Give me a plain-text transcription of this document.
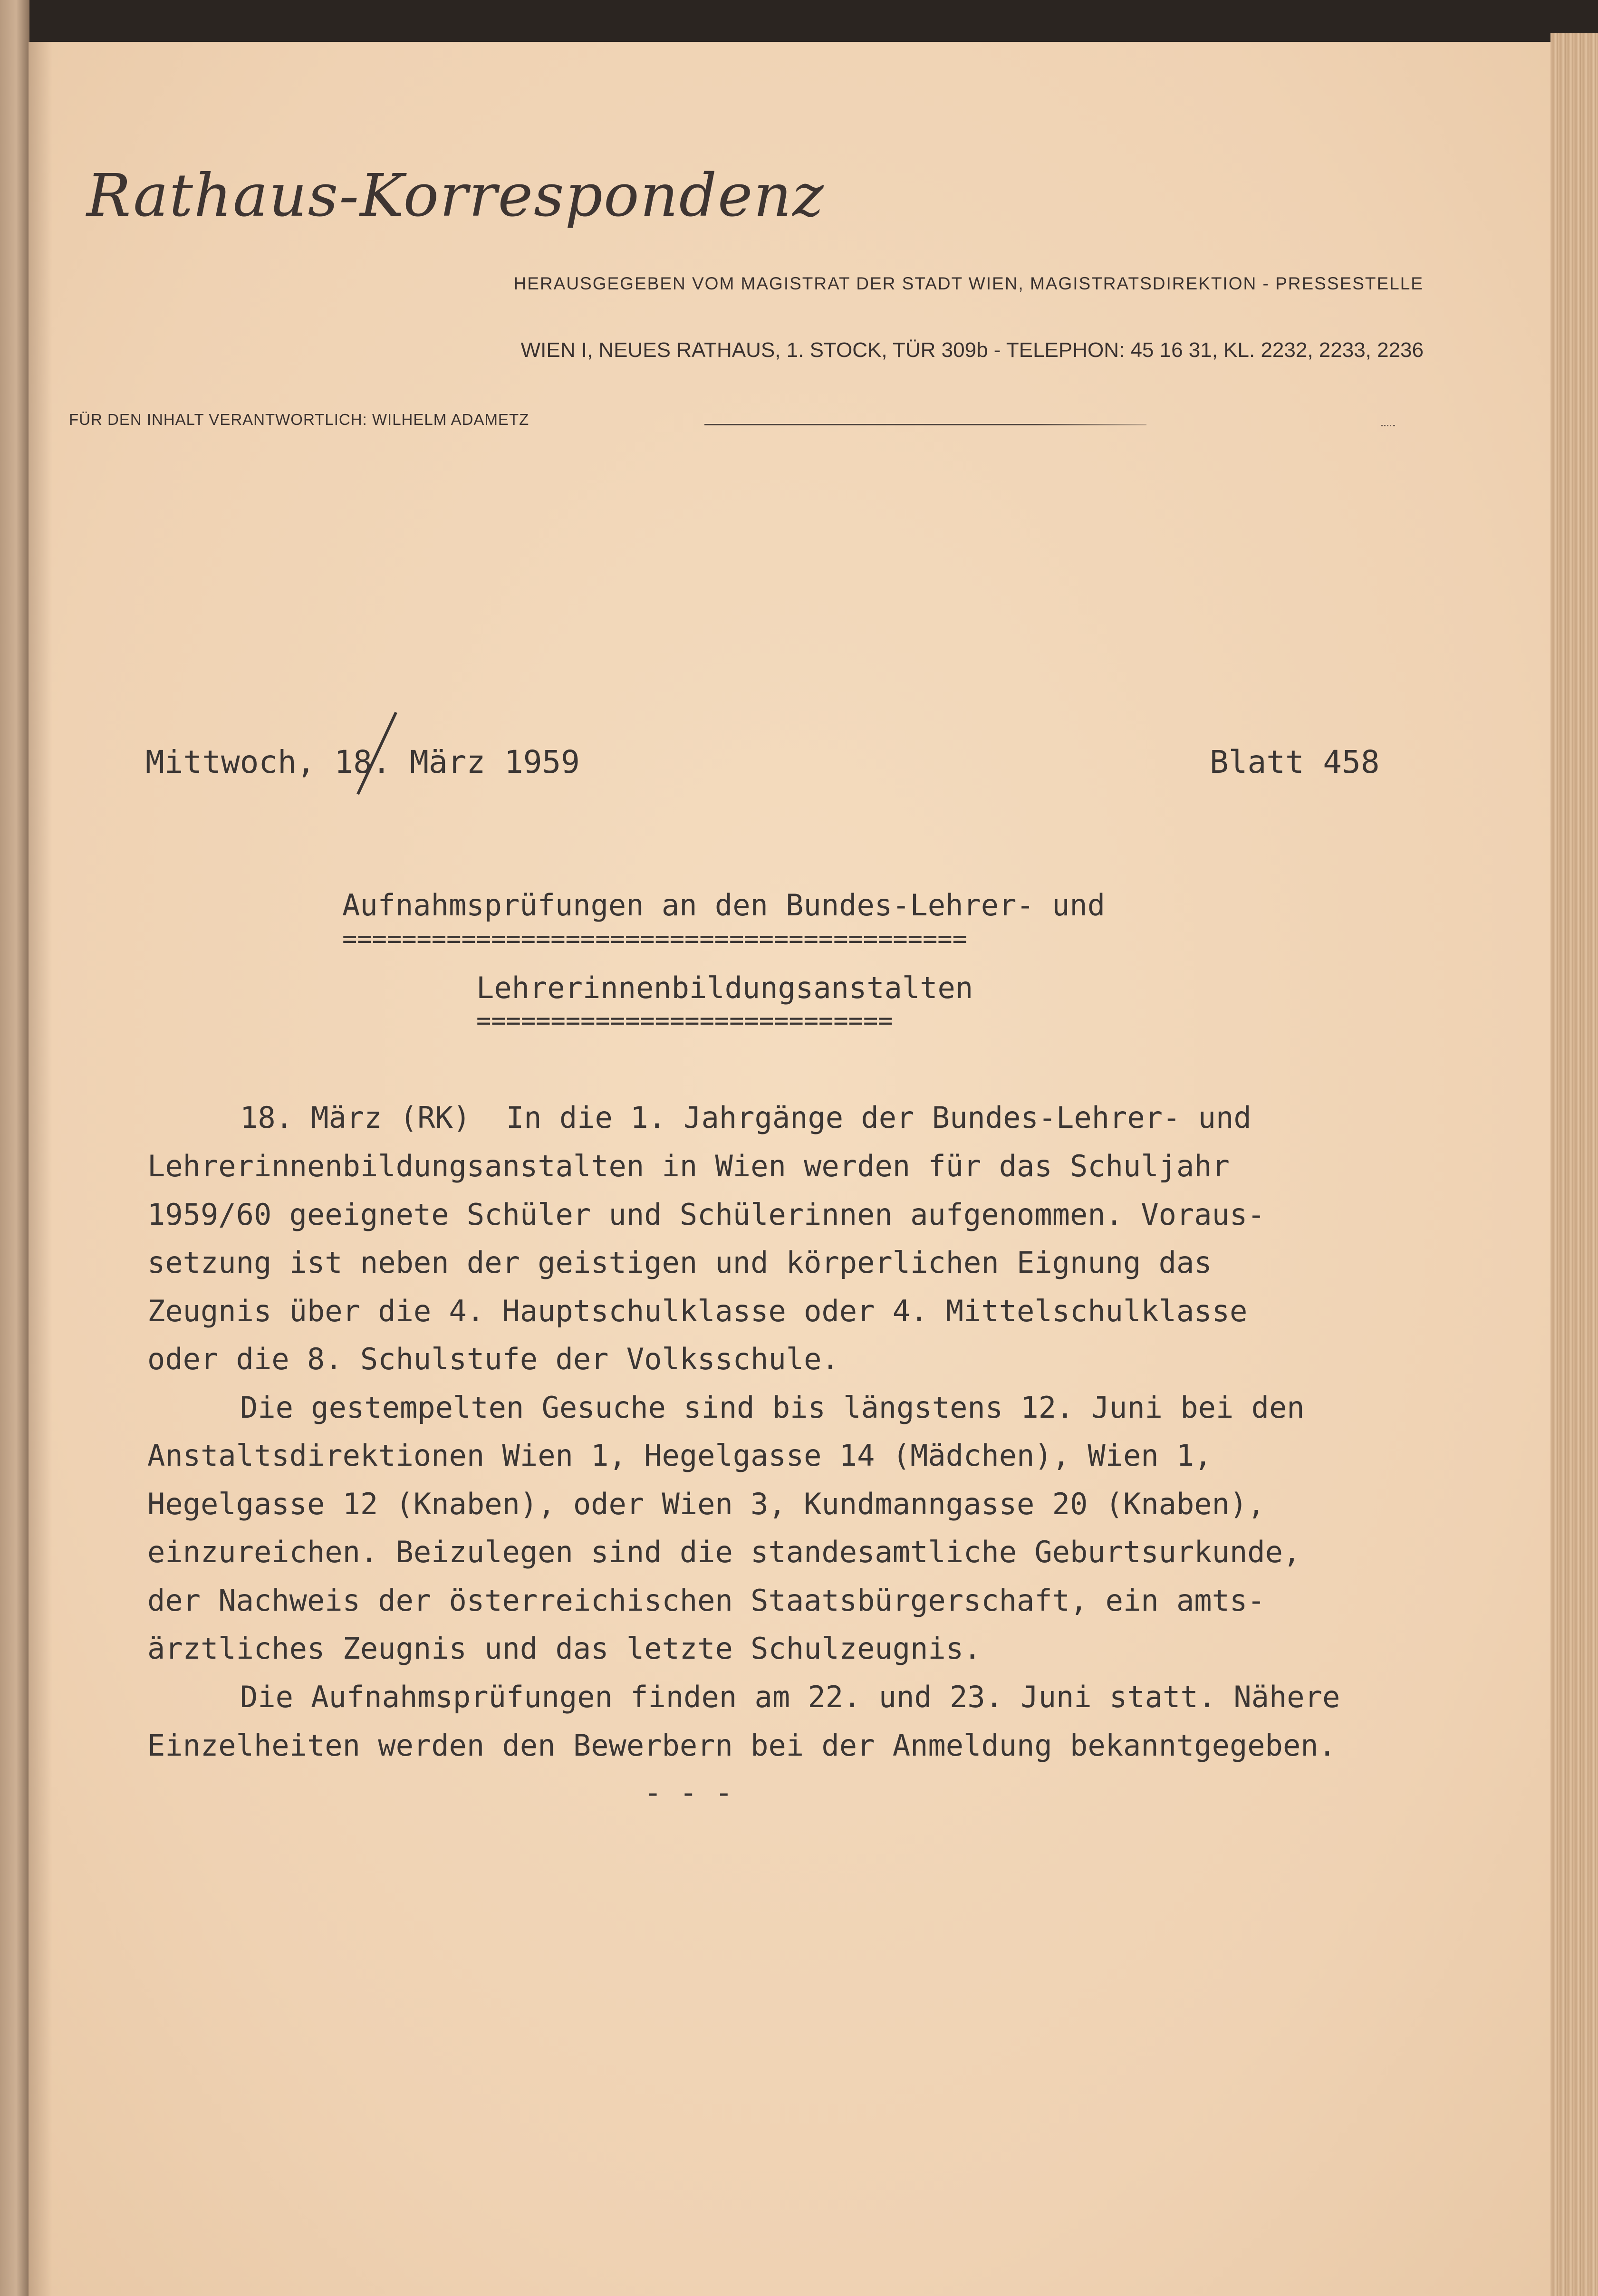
Rathaus-Korrespondenz

HERAUSGEGEBEN VOM MAGISTRAT DER STADT WIEN, MAGISTRATSDIREKTION - PRESSESTELLE

WIEN I, NEUES RATHAUS, 1. STOCK, TÜR 309b - TELEPHON: 45 16 31, KL. 2232, 2233, 2236

FÜR DEN INHALT VERANTWORTLICH: WILHELM ADAMETZ

Mittwoch, 18. März 1959	Blatt 458

Aufnahmsprüfungen an den Bundes-Lehrer- und

==========================================

Lehrerinnenbildungsanstalten

============================

18. März (RK)  In die 1. Jahrgänge der Bundes-Lehrer- und

Lehrerinnenbildungsanstalten in Wien werden für das Schuljahr

1959/60 geeignete Schüler und Schülerinnen aufgenommen. Voraus-

setzung ist neben der geistigen und körperlichen Eignung das

Zeugnis über die 4. Hauptschulklasse oder 4. Mittelschulklasse

oder die 8. Schulstufe der Volksschule.

Die gestempelten Gesuche sind bis längstens 12. Juni bei den

Anstaltsdirektionen Wien 1, Hegelgasse 14 (Mädchen), Wien 1,

Hegelgasse 12 (Knaben), oder Wien 3, Kundmanngasse 20 (Knaben),

einzureichen. Beizulegen sind die standesamtliche Geburtsurkunde,

der Nachweis der österreichischen Staatsbürgerschaft, ein amts-

ärztliches Zeugnis und das letzte Schulzeugnis.

Die Aufnahmsprüfungen finden am 22. und 23. Juni statt. Nähere

Einzelheiten werden den Bewerbern bei der Anmeldung bekanntgegeben.

- - -
